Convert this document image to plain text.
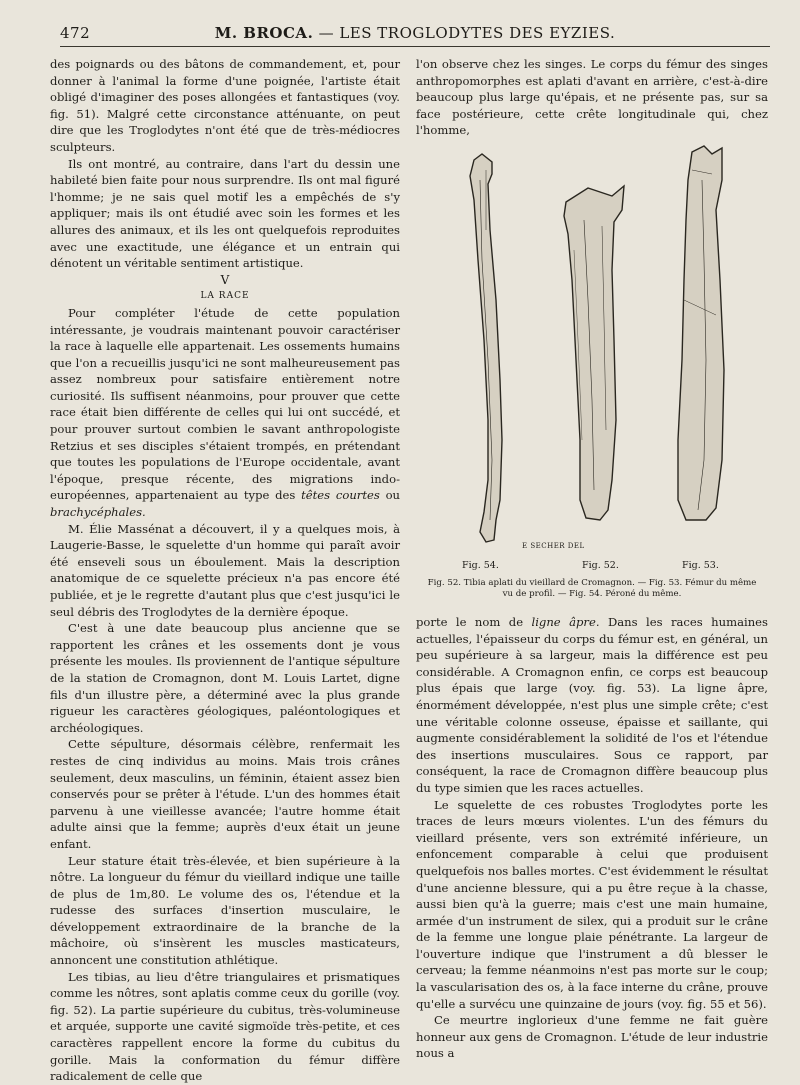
472	M. BROCA. — LES TROGLODYTES DES EYZIES.

des poignards ou des bâtons de commandement, et, pour donner à l'animal la forme d'une poignée, l'artiste était obligé d'imaginer des poses allongées et fantastiques (voy. fig. 51). Malgré cette circonstance atténuante, on peut dire que les Troglodytes n'ont été que de très-médiocres sculpteurs.

Ils ont montré, au contraire, dans l'art du dessin une habileté bien faite pour nous surprendre. Ils ont mal figuré l'homme; je ne sais quel motif les a empêchés de s'y appliquer; mais ils ont étudié avec soin les formes et les allures des animaux, et ils les ont quelquefois reproduites avec une exactitude, une élégance et un entrain qui dénotent un véritable sentiment artistique.

V

LA RACE

Pour compléter l'étude de cette population intéressante, je voudrais maintenant pouvoir caractériser la race à laquelle elle appartenait. Les ossements humains que l'on a recueillis jusqu'ici ne sont malheureusement pas assez nombreux pour satisfaire entièrement notre curiosité. Ils suffisent néanmoins, pour prouver que cette race était bien différente de celles qui lui ont succédé, et pour prouver surtout combien le savant anthropologiste Retzius et ses disciples s'étaient trompés, en prétendant que toutes les populations de l'Europe occidentale, avant l'époque, presque récente, des migrations indo-européennes, appartenaient au type des têtes courtes ou brachycéphales.

M. Élie Massénat a découvert, il y a quelques mois, à Laugerie-Basse, le squelette d'un homme qui paraît avoir été enseveli sous un éboulement. Mais la description anatomique de ce squelette précieux n'a pas encore été publiée, et je le regrette d'autant plus que c'est jusqu'ici le seul débris des Troglodytes de la dernière époque.

C'est à une date beaucoup plus ancienne que se rapportent les crânes et les ossements dont je vous présente les moules. Ils proviennent de l'antique sépulture de la station de Cromagnon, dont M. Louis Lartet, digne fils d'un illustre père, a déterminé avec la plus grande rigueur les caractères géologiques, paléontologiques et archéologiques.

Cette sépulture, désormais célèbre, renfermait les restes de cinq individus au moins. Mais trois crânes seulement, deux masculins, un féminin, étaient assez bien conservés pour se prêter à l'étude. L'un des hommes était parvenu à une vieillesse avancée; l'autre homme était adulte ainsi que la femme; auprès d'eux était un jeune enfant.

Leur stature était très-élevée, et bien supérieure à la nôtre. La longueur du fémur du vieillard indique une taille de plus de 1m,80. Le volume des os, l'étendue et la rudesse des surfaces d'insertion musculaire, le développement extraordinaire de la branche de la mâchoire, où s'insèrent les muscles masticateurs, annoncent une constitution athlétique.

Les tibias, au lieu d'être triangulaires et prismatiques comme les nôtres, sont aplatis comme ceux du gorille (voy. fig. 52). La partie supérieure du cubitus, très-volumineuse et arquée, supporte une cavité sigmoïde très-petite, et ces caractères rappellent encore la forme du cubitus du gorille. Mais la conformation du fémur diffère radicalement de celle que

l'on observe chez les singes. Le corps du fémur des singes anthropomorphes est aplati d'avant en arrière, c'est-à-dire beaucoup plus large qu'épais, et ne présente pas, sur sa face postérieure, cette crête longitudinale qui, chez l'homme,

E SECHER DEL
Fig. 54.	Fig. 52.	Fig. 53.
Fig. 52. Tibia aplati du vieillard de Cromagnon. — Fig. 53. Fémur du même
vu de profil. — Fig. 54. Péroné du même.

porte le nom de ligne âpre. Dans les races humaines actuelles, l'épaisseur du corps du fémur est, en général, un peu supérieure à sa largeur, mais la différence est peu considérable. A Cromagnon enfin, ce corps est beaucoup plus épais que large (voy. fig. 53). La ligne âpre, énormément développée, n'est plus une simple crête; c'est une véritable colonne osseuse, épaisse et saillante, qui augmente considérablement la solidité de l'os et l'étendue des insertions musculaires. Sous ce rapport, par conséquent, la race de Cromagnon diffère beaucoup plus du type simien que les races actuelles.

Le squelette de ces robustes Troglodytes porte les traces de leurs mœurs violentes. L'un des fémurs du vieillard présente, vers son extrémité inférieure, un enfoncement comparable à celui que produisent quelquefois nos balles mortes. C'est évidemment le résultat d'une ancienne blessure, qui a pu être reçue à la chasse, aussi bien qu'à la guerre; mais c'est une main humaine, armée d'un instrument de silex, qui a produit sur le crâne de la femme une longue plaie pénétrante. La largeur de l'ouverture indique que l'instrument a dû blesser le cerveau; la femme néanmoins n'est pas morte sur le coup; la vascularisation des os, à la face interne du crâne, prouve qu'elle a survécu une quinzaine de jours (voy. fig. 55 et 56).

Ce meurtre inglorieux d'une femme ne fait guère honneur aux gens de Cromagnon. L'étude de leur industrie nous a
